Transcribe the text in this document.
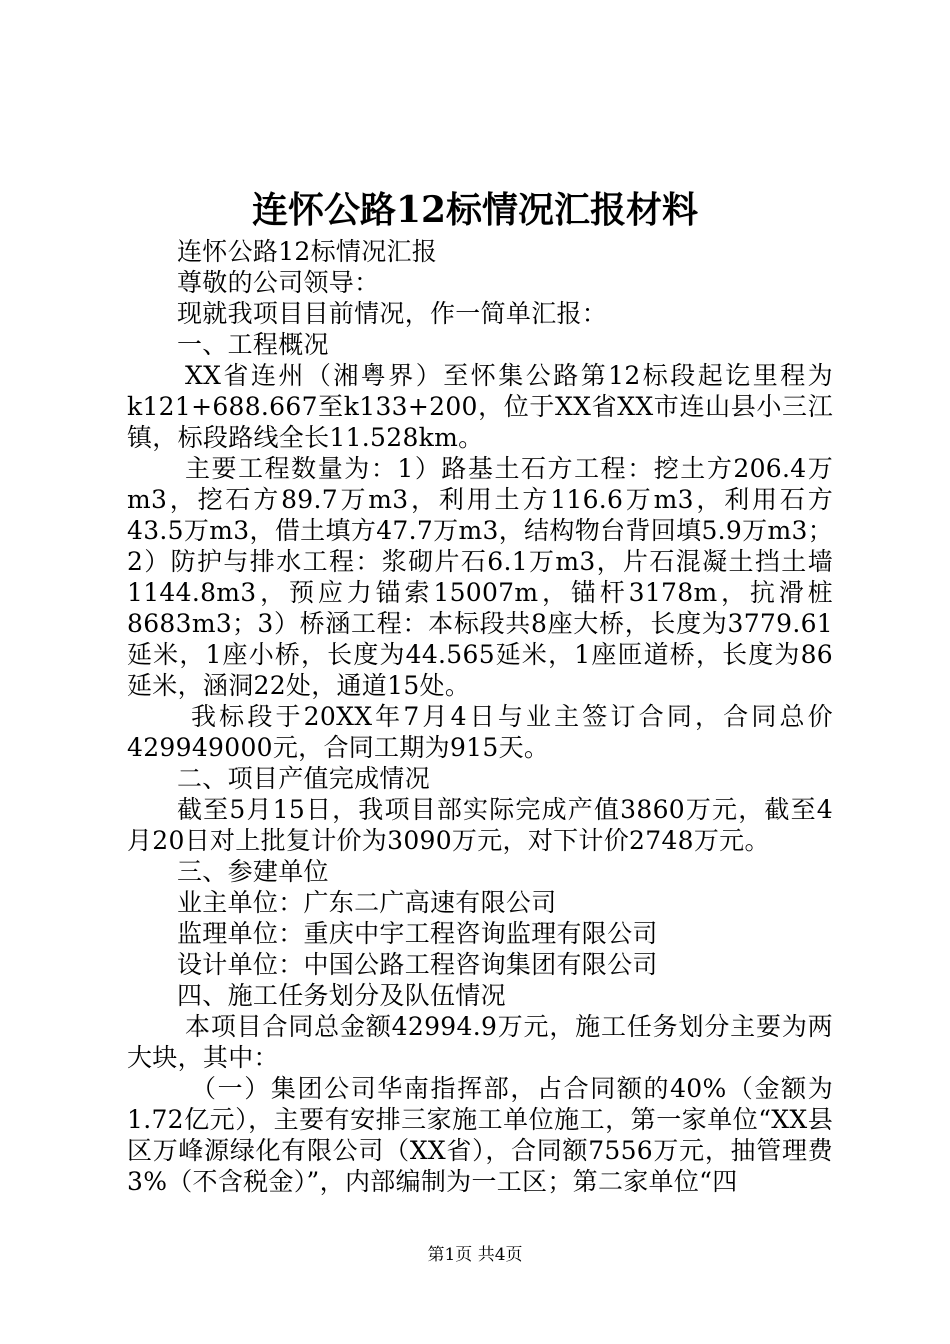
连怀公路12标情况汇报材料

连怀公路12标情况汇报

尊敬的公司领导：

现就我项目目前情况，作一简单汇报：

一、工程概况

XX省连州（湘粤界）至怀集公路第12标段起讫里程为k121+688.667至k133+200，位于XX省XX市连山县小三江镇，标段路线全长11.528km。

主要工程数量为：1）路基土石方工程：挖土方206.4万m3，挖石方89.7万m3，利用土方116.6万m3，利用石方43.5万m3，借土填方47.7万m3，结构物台背回填5.9万m3；2）防护与排水工程：浆砌片石6.1万m3，片石混凝土挡土墙1144.8m3，预应力锚索15007m，锚杆3178m，抗滑桩8683m3；3）桥涵工程：本标段共8座大桥，长度为3779.61延米，1座小桥，长度为44.565延米，1座匝道桥，长度为86延米，涵洞22处，通道15处。

我标段于20XX年7月4日与业主签订合同，合同总价429949000元，合同工期为915天。

二、项目产值完成情况

截至5月15日，我项目部实际完成产值3860万元，截至4月20日对上批复计价为3090万元，对下计价2748万元。

三、参建单位

业主单位：广东二广高速有限公司

监理单位：重庆中宇工程咨询监理有限公司

设计单位：中国公路工程咨询集团有限公司

四、施工任务划分及队伍情况

本项目合同总金额42994.9万元，施工任务划分主要为两大块，其中：

（一）集团公司华南指挥部，占合同额的40%（金额为1.72亿元），主要有安排三家施工单位施工，第一家单位“XX县区万峰源绿化有限公司（XX省），合同额7556万元，抽管理费3%（不含税金）”，内部编制为一工区；第二家单位“四

第1页 共4页
